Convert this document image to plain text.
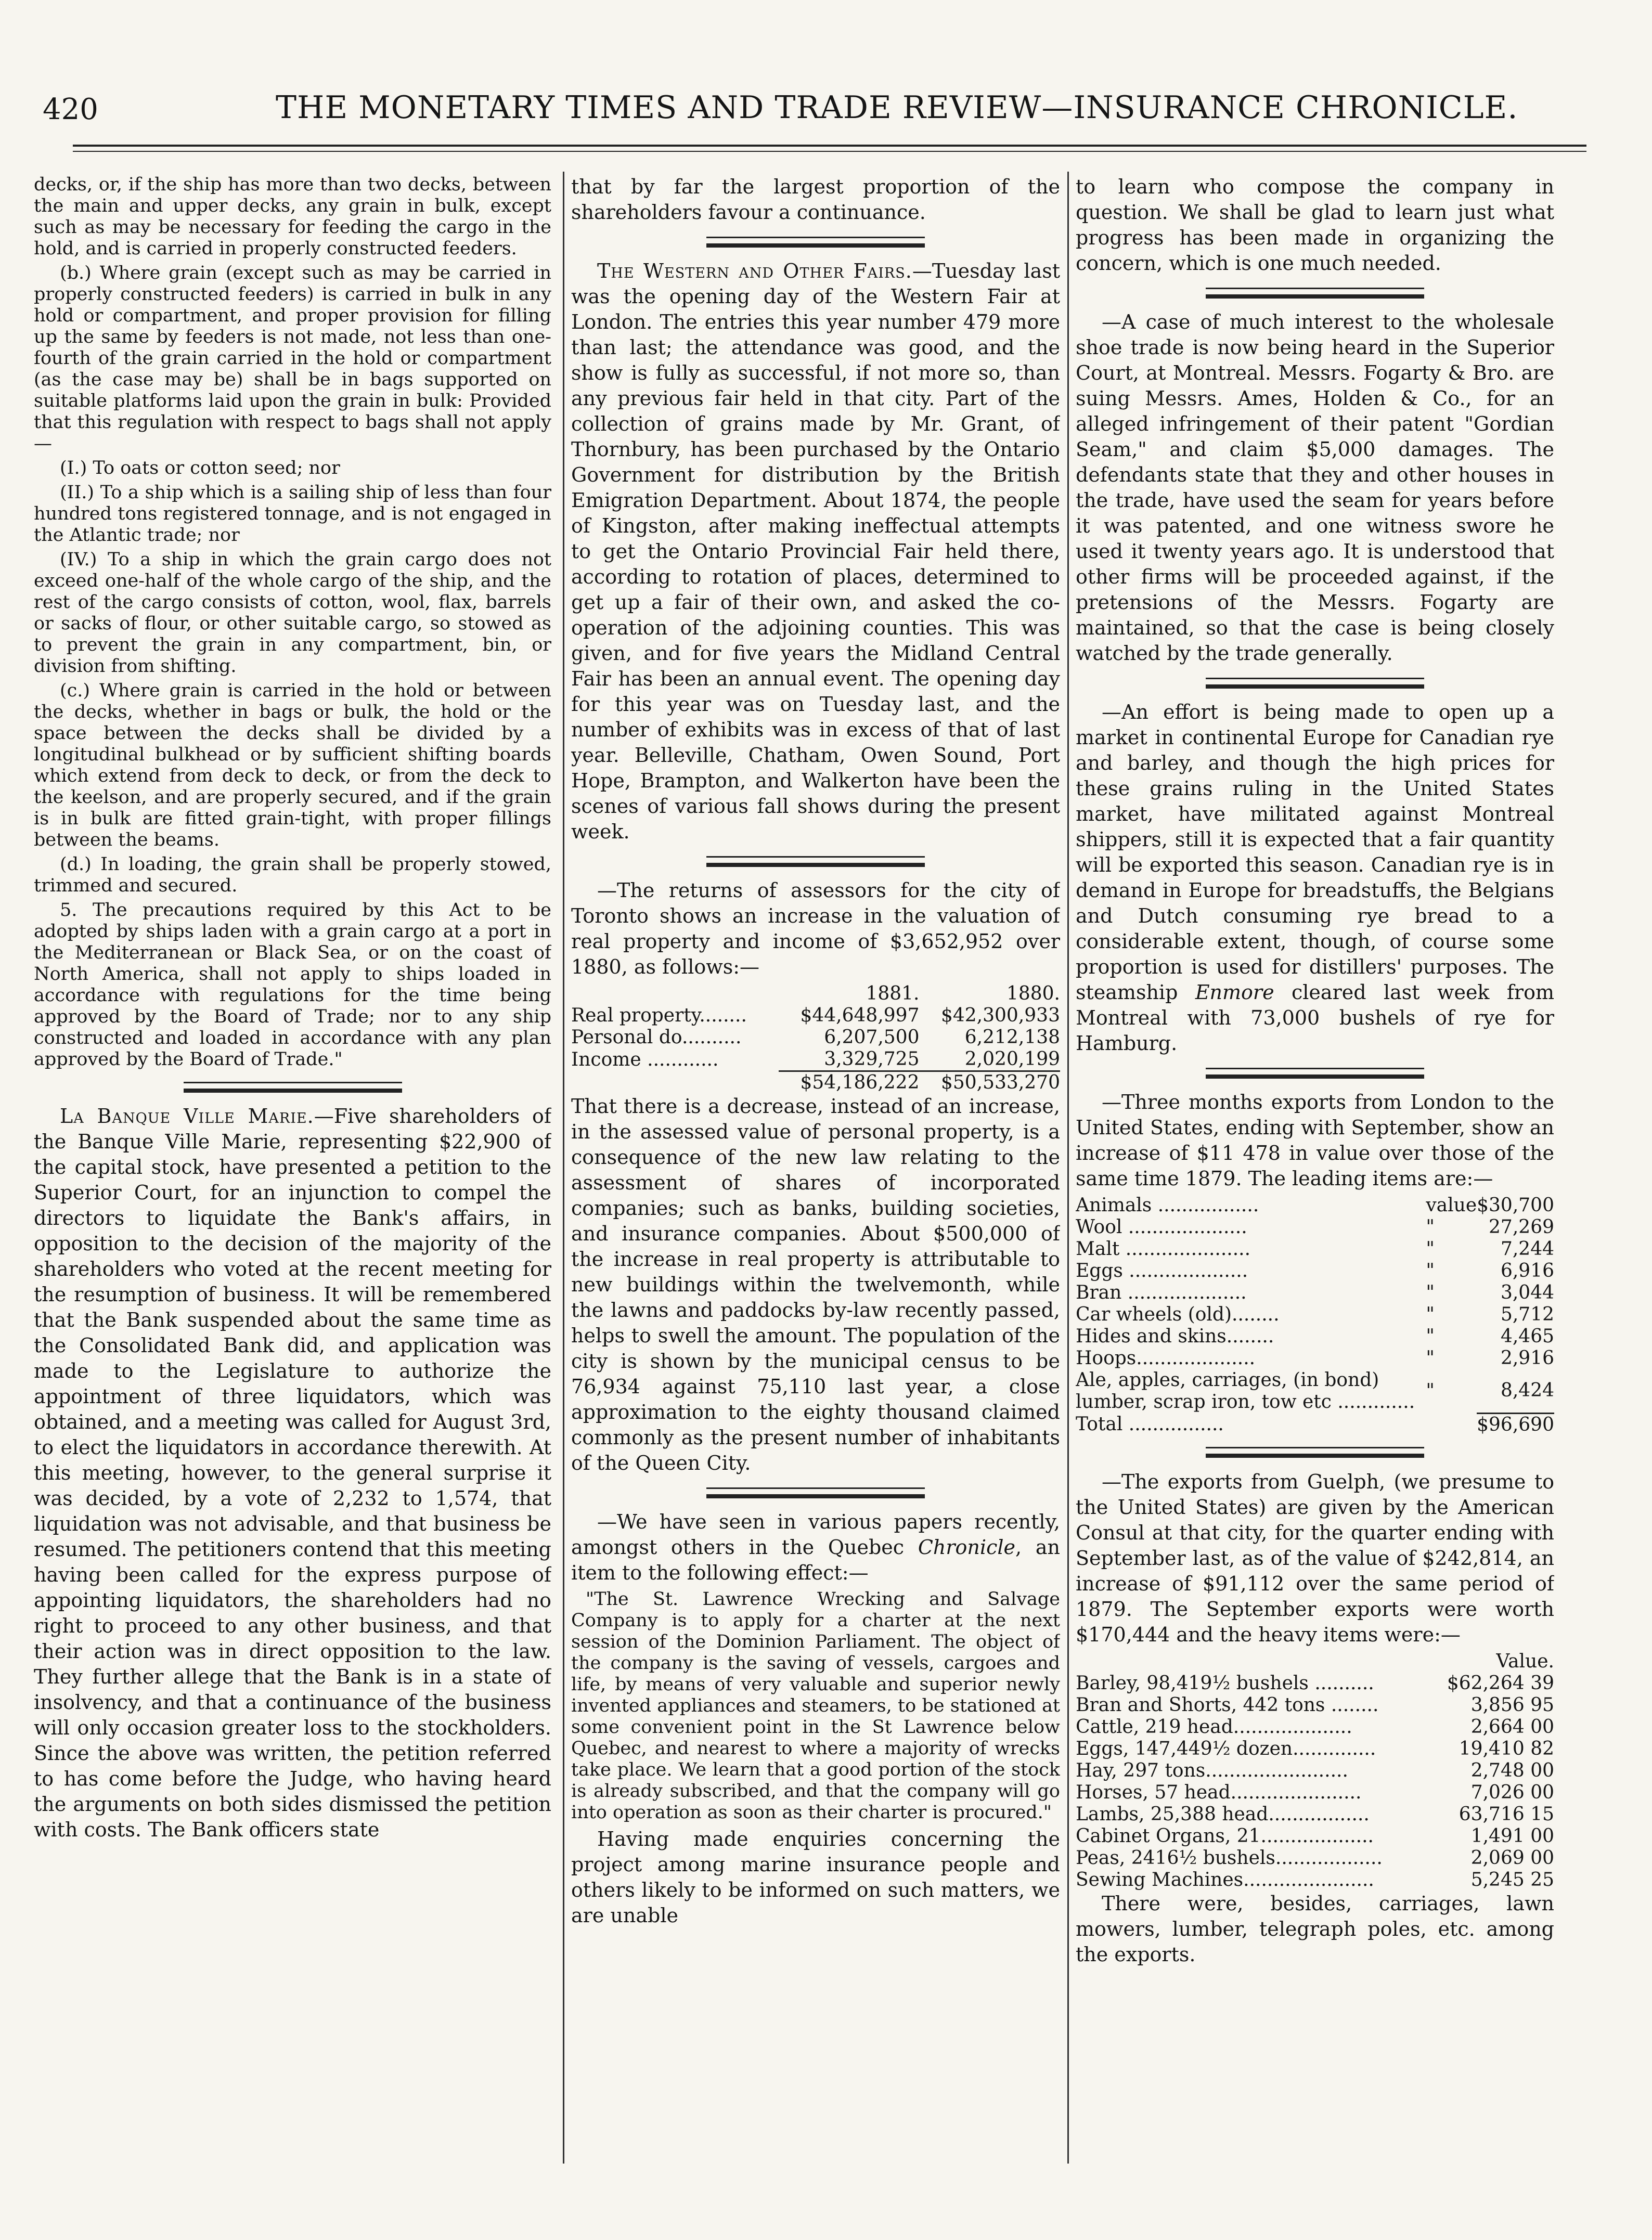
420	THE MONETARY TIMES AND TRADE REVIEW—INSURANCE CHRONICLE.

decks, or, if the ship has more than two decks, between the main and upper decks, any grain in bulk, except such as may be necessary for feeding the cargo in the hold, and is carried in properly constructed feeders.

(b.) Where grain (except such as may be carried in properly constructed feeders) is carried in bulk in any hold or compartment, and proper provision for filling up the same by feeders is not made, not less than one-fourth of the grain carried in the hold or compartment (as the case may be) shall be in bags supported on suitable platforms laid upon the grain in bulk: Provided that this regulation with respect to bags shall not apply—

(I.) To oats or cotton seed; nor

(II.) To a ship which is a sailing ship of less than four hundred tons registered tonnage, and is not engaged in the Atlantic trade; nor

(IV.) To a ship in which the grain cargo does not exceed one-half of the whole cargo of the ship, and the rest of the cargo consists of cotton, wool, flax, barrels or sacks of flour, or other suitable cargo, so stowed as to prevent the grain in any compartment, bin, or division from shifting.

(c.) Where grain is carried in the hold or between the decks, whether in bags or bulk, the hold or the space between the decks shall be divided by a longitudinal bulkhead or by sufficient shifting boards which extend from deck to deck, or from the deck to the keelson, and are properly secured, and if the grain is in bulk are fitted grain-tight, with proper fillings between the beams.

(d.) In loading, the grain shall be properly stowed, trimmed and secured.

5. The precautions required by this Act to be adopted by ships laden with a grain cargo at a port in the Mediterranean or Black Sea, or on the coast of North America, shall not apply to ships loaded in accordance with regulations for the time being approved by the Board of Trade; nor to any ship constructed and loaded in accordance with any plan approved by the Board of Trade."

La Banque Ville Marie.—Five shareholders of the Banque Ville Marie, representing $22,900 of the capital stock, have presented a petition to the Superior Court, for an injunction to compel the directors to liquidate the Bank's affairs, in opposition to the decision of the majority of the shareholders who voted at the recent meeting for the resumption of business. It will be remembered that the Bank suspended about the same time as the Consolidated Bank did, and application was made to the Legislature to authorize the appointment of three liquidators, which was obtained, and a meeting was called for August 3rd, to elect the liquidators in accordance therewith. At this meeting, however, to the general surprise it was decided, by a vote of 2,232 to 1,574, that liquidation was not advisable, and that business be resumed. The petitioners contend that this meeting having been called for the express purpose of appointing liquidators, the shareholders had no right to proceed to any other business, and that their action was in direct opposition to the law. They further allege that the Bank is in a state of insolvency, and that a continuance of the business will only occasion greater loss to the stockholders. Since the above was written, the petition referred to has come before the Judge, who having heard the arguments on both sides dismissed the petition with costs. The Bank officers state

that by far the largest proportion of the shareholders favour a continuance.

The Western and Other Fairs.—Tuesday last was the opening day of the Western Fair at London. The entries this year number 479 more than last; the attendance was good, and the show is fully as successful, if not more so, than any previous fair held in that city. Part of the collection of grains made by Mr. Grant, of Thornbury, has been purchased by the Ontario Government for distribution by the British Emigration Department. About 1874, the people of Kingston, after making ineffectual attempts to get the Ontario Provincial Fair held there, according to rotation of places, determined to get up a fair of their own, and asked the co-operation of the adjoining counties. This was given, and for five years the Midland Central Fair has been an annual event. The opening day for this year was on Tuesday last, and the number of exhibits was in excess of that of last year. Belleville, Chatham, Owen Sound, Port Hope, Brampton, and Walkerton have been the scenes of various fall shows during the present week.

—The returns of assessors for the city of Toronto shows an increase in the valuation of real property and income of $3,652,952 over 1880, as follows:—

	1881.	1880.
Real property........	$44,648,997	$42,300,933
Personal do..........	6,207,500	6,212,138
Income ............	3,329,725	2,020,199
	$54,186,222	$50,533,270

That there is a decrease, instead of an increase, in the assessed value of personal property, is a consequence of the new law relating to the assessment of shares of incorporated companies; such as banks, building societies, and insurance companies. About $500,000 of the increase in real property is attributable to new buildings within the twelvemonth, while the lawns and paddocks by-law recently passed, helps to swell the amount. The population of the city is shown by the municipal census to be 76,934 against 75,110 last year, a close approximation to the eighty thousand claimed commonly as the present number of inhabitants of the Queen City.

—We have seen in various papers recently, amongst others in the Quebec Chronicle, an item to the following effect:—

"The St. Lawrence Wrecking and Salvage Company is to apply for a charter at the next session of the Dominion Parliament. The object of the company is the saving of vessels, cargoes and life, by means of very valuable and superior newly invented appliances and steamers, to be stationed at some convenient point in the St Lawrence below Quebec, and nearest to where a majority of wrecks take place. We learn that a good portion of the stock is already subscribed, and that the company will go into operation as soon as their charter is procured."

Having made enquiries concerning the project among marine insurance people and others likely to be informed on such matters, we are unable

to learn who compose the company in question. We shall be glad to learn just what progress has been made in organizing the concern, which is one much needed.

—A case of much interest to the wholesale shoe trade is now being heard in the Superior Court, at Montreal. Messrs. Fogarty & Bro. are suing Messrs. Ames, Holden & Co., for an alleged infringement of their patent "Gordian Seam," and claim $5,000 damages. The defendants state that they and other houses in the trade, have used the seam for years before it was patented, and one witness swore he used it twenty years ago. It is understood that other firms will be proceeded against, if the pretensions of the Messrs. Fogarty are maintained, so that the case is being closely watched by the trade generally.

—An effort is being made to open up a market in continental Europe for Canadian rye and barley, and though the high prices for these grains ruling in the United States market, have militated against Montreal shippers, still it is expected that a fair quantity will be exported this season. Canadian rye is in demand in Europe for breadstuffs, the Belgians and Dutch consuming rye bread to a considerable extent, though, of course some proportion is used for distillers' purposes. The steamship Enmore cleared last week from Montreal with 73,000 bushels of rye for Hamburg.

—Three months exports from London to the United States, ending with September, show an increase of $11 478 in value over those of the same time 1879. The leading items are:—

Animals .................	value	$30,700
Wool ....................	"	27,269
Malt .....................	"	7,244
Eggs ....................	"	6,916
Bran ....................	"	3,044
Car wheels (old)........	"	5,712
Hides and skins........	"	4,465
Hoops....................	"	2,916
Ale, apples, carriages, (in bond) lumber, scrap iron, tow etc .............	"	8,424
Total ................		$96,690

—The exports from Guelph, (we presume to the United States) are given by the American Consul at that city, for the quarter ending with September last, as of the value of $242,814, an increase of $91,112 over the same period of 1879. The September exports were worth $170,444 and the heavy items were:—

	Value.
Barley, 98,419½ bushels ..........	$62,264 39
Bran and Shorts, 442 tons ........	3,856 95
Cattle, 219 head....................	2,664 00
Eggs, 147,449½ dozen..............	19,410 82
Hay, 297 tons........................	2,748 00
Horses, 57 head......................	7,026 00
Lambs, 25,388 head.................	63,716 15
Cabinet Organs, 21...................	1,491 00
Peas, 2416½ bushels..................	2,069 00
Sewing Machines......................	5,245 25

There were, besides, carriages, lawn mowers, lumber, telegraph poles, etc. among the exports.
